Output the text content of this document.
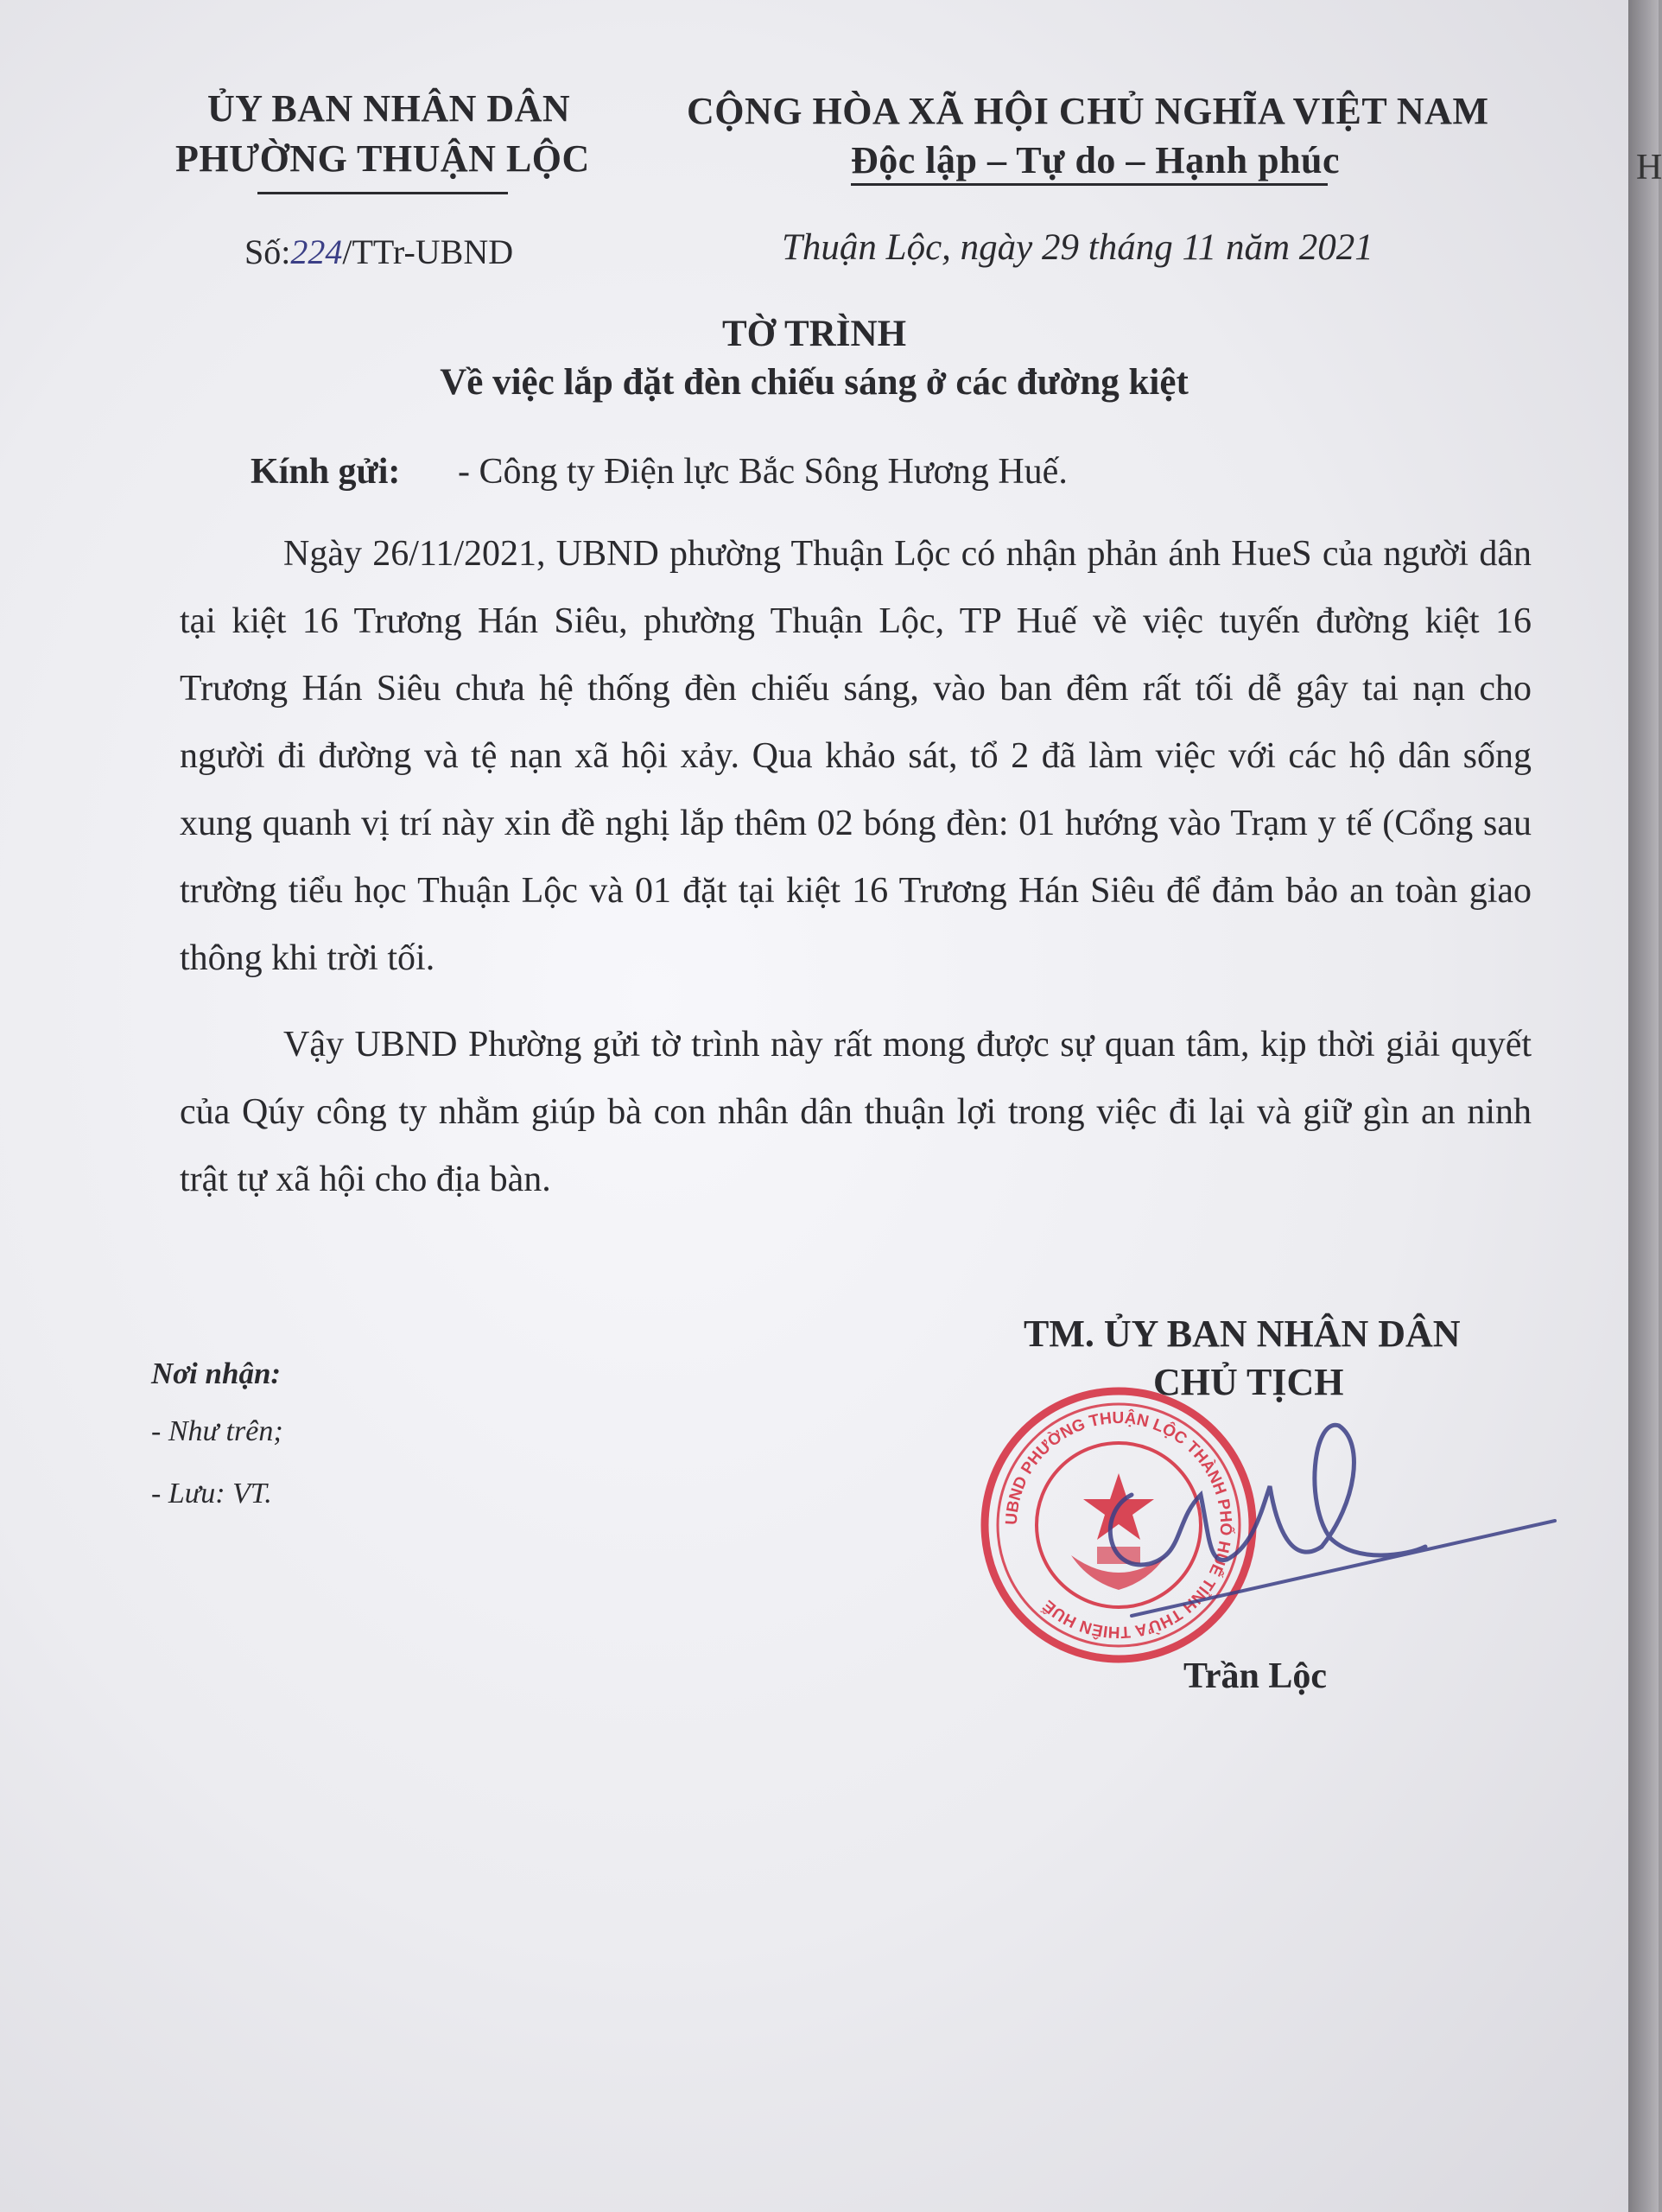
H
ỦY BAN NHÂN DÂN
PHƯỜNG THUẬN LỘC
CỘNG HÒA XÃ HỘI CHỦ NGHĨA VIỆT NAM
Độc lập – Tự do – Hạnh phúc
Số:224/TTr-UBND	Thuận Lộc, ngày 29 tháng 11 năm 2021
TỜ TRÌNH
Về việc lắp đặt đèn chiếu sáng ở các đường kiệt
Kính gửi: - Công ty Điện lực Bắc Sông Hương Huế.
Ngày 26/11/2021, UBND phường Thuận Lộc có nhận phản ánh HueS của người dân tại kiệt 16 Trương Hán Siêu, phường Thuận Lộc, TP Huế về việc tuyến đường kiệt 16 Trương Hán Siêu chưa hệ thống đèn chiếu sáng, vào ban đêm rất tối dễ gây tai nạn cho người đi đường và tệ nạn xã hội xảy. Qua khảo sát, tổ 2 đã làm việc với các hộ dân sống xung quanh vị trí này xin đề nghị lắp thêm 02 bóng đèn: 01 hướng vào Trạm y tế (Cổng sau trường tiểu học Thuận Lộc và 01 đặt tại kiệt 16 Trương Hán Siêu để đảm bảo an toàn giao thông khi trời tối.
Vậy UBND Phường gửi tờ trình này rất mong được sự quan tâm, kịp thời giải quyết của Qúy công ty nhằm giúp bà con nhân dân thuận lợi trong việc đi lại và giữ gìn an ninh trật tự xã hội cho địa bàn.
Nơi nhận:
- Như trên;
- Lưu: VT.
TM. ỦY BAN NHÂN DÂN
CHỦ TỊCH
UBND PHƯỜNG THUẬN LỘC THÀNH PHỐ HUẾ TỈNH THỪA THIÊN HUẾ
Trần Lộc
